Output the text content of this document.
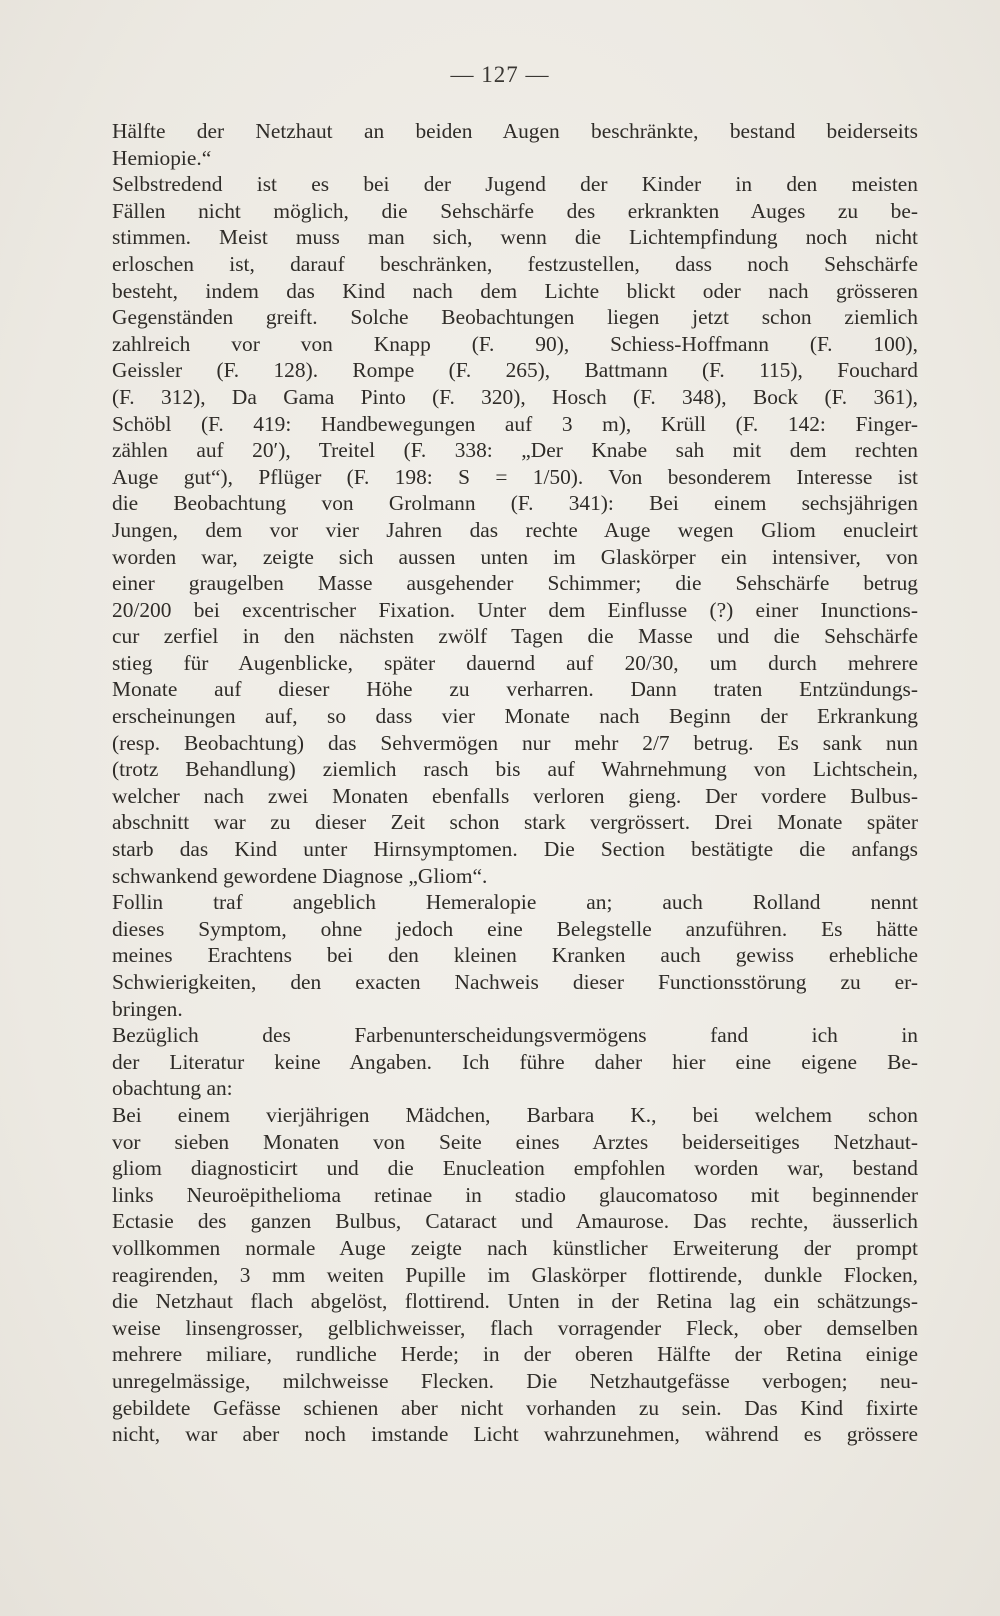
— 127 —
Hälfte der Netzhaut an beiden Augen beschränkte, bestand beiderseits
Hemiopie.“
Selbstredend ist es bei der Jugend der Kinder in den meisten
Fällen nicht möglich, die Sehschärfe des erkrankten Auges zu be-
stimmen. Meist muss man sich, wenn die Lichtempfindung noch nicht
erloschen ist, darauf beschränken, festzustellen, dass noch Sehschärfe
besteht, indem das Kind nach dem Lichte blickt oder nach grösseren
Gegenständen greift. Solche Beobachtungen liegen jetzt schon ziemlich
zahlreich vor von Knapp (F. 90), Schiess-Hoffmann (F. 100),
Geissler (F. 128). Rompe (F. 265), Battmann (F. 115), Fouchard
(F. 312), Da Gama Pinto (F. 320), Hosch (F. 348), Bock (F. 361),
Schöbl (F. 419: Handbewegungen auf 3 m), Krüll (F. 142: Finger-
zählen auf 20′), Treitel (F. 338: „Der Knabe sah mit dem rechten
Auge gut“), Pflüger (F. 198: S = 1/50). Von besonderem Interesse ist
die Beobachtung von Grolmann (F. 341): Bei einem sechsjährigen
Jungen, dem vor vier Jahren das rechte Auge wegen Gliom enucleirt
worden war, zeigte sich aussen unten im Glaskörper ein intensiver, von
einer graugelben Masse ausgehender Schimmer; die Sehschärfe betrug
20/200 bei excentrischer Fixation. Unter dem Einflusse (?) einer Inunctions-
cur zerfiel in den nächsten zwölf Tagen die Masse und die Sehschärfe
stieg für Augenblicke, später dauernd auf 20/30, um durch mehrere
Monate auf dieser Höhe zu verharren. Dann traten Entzündungs-
erscheinungen auf, so dass vier Monate nach Beginn der Erkrankung
(resp. Beobachtung) das Sehvermögen nur mehr 2/7 betrug. Es sank nun
(trotz Behandlung) ziemlich rasch bis auf Wahrnehmung von Lichtschein,
welcher nach zwei Monaten ebenfalls verloren gieng. Der vordere Bulbus-
abschnitt war zu dieser Zeit schon stark vergrössert. Drei Monate später
starb das Kind unter Hirnsymptomen. Die Section bestätigte die anfangs
schwankend gewordene Diagnose „Gliom“.
Follin traf angeblich Hemeralopie an; auch Rolland nennt
dieses Symptom, ohne jedoch eine Belegstelle anzuführen. Es hätte
meines Erachtens bei den kleinen Kranken auch gewiss erhebliche
Schwierigkeiten, den exacten Nachweis dieser Functionsstörung zu er-
bringen.
Bezüglich des Farbenunterscheidungsvermögens fand ich in
der Literatur keine Angaben. Ich führe daher hier eine eigene Be-
obachtung an:
Bei einem vierjährigen Mädchen, Barbara K., bei welchem schon
vor sieben Monaten von Seite eines Arztes beiderseitiges Netzhaut-
gliom diagnosticirt und die Enucleation empfohlen worden war, bestand
links Neuroëpithelioma retinae in stadio glaucomatoso mit beginnender
Ectasie des ganzen Bulbus, Cataract und Amaurose. Das rechte, äusserlich
vollkommen normale Auge zeigte nach künstlicher Erweiterung der prompt
reagirenden, 3 mm weiten Pupille im Glaskörper flottirende, dunkle Flocken,
die Netzhaut flach abgelöst, flottirend. Unten in der Retina lag ein schätzungs-
weise linsengrosser, gelblichweisser, flach vorragender Fleck, ober demselben
mehrere miliare, rundliche Herde; in der oberen Hälfte der Retina einige
unregelmässige, milchweisse Flecken. Die Netzhautgefässe verbogen; neu-
gebildete Gefässe schienen aber nicht vorhanden zu sein. Das Kind fixirte
nicht, war aber noch imstande Licht wahrzunehmen, während es grössere
